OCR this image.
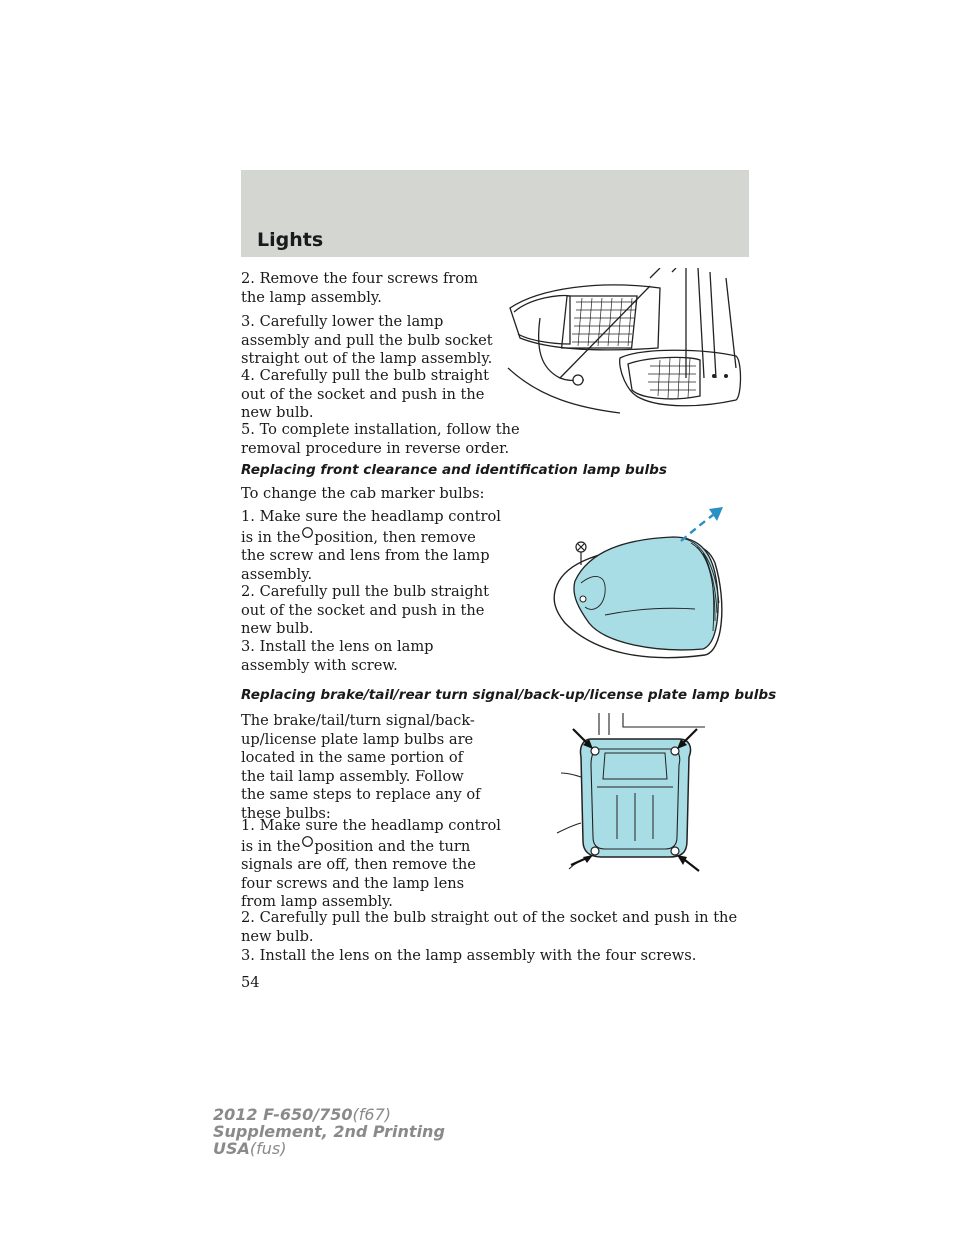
Lights

2. Remove the four screws from the lamp assembly.

3. Carefully lower the lamp assembly and pull the bulb socket straight out of the lamp assembly.

4. Carefully pull the bulb straight out of the socket and push in the new bulb.

5. To complete installation, follow the removal procedure in reverse order.

Replacing front clearance and identification lamp bulbs

To change the cab marker bulbs:

1. Make sure the headlamp control is in the position, then remove the screw and lens from the lamp assembly.

2. Carefully pull the bulb straight out of the socket and push in the new bulb.

3. Install the lens on lamp assembly with screw.

Replacing brake/tail/rear turn signal/back-up/license plate lamp bulbs

The brake/tail/turn signal/back-up/license plate lamp bulbs are located in the same portion of the tail lamp assembly. Follow the same steps to replace any of these bulbs:

1. Make sure the headlamp control is in the position and the turn signals are off, then remove the four screws and the lamp lens from lamp assembly.

2. Carefully pull the bulb straight out of the socket and push in the new bulb.

3. Install the lens on the lamp assembly with the four screws.

54
2012 F-650/750(f67)
Supplement, 2nd Printing
USA(fus)
